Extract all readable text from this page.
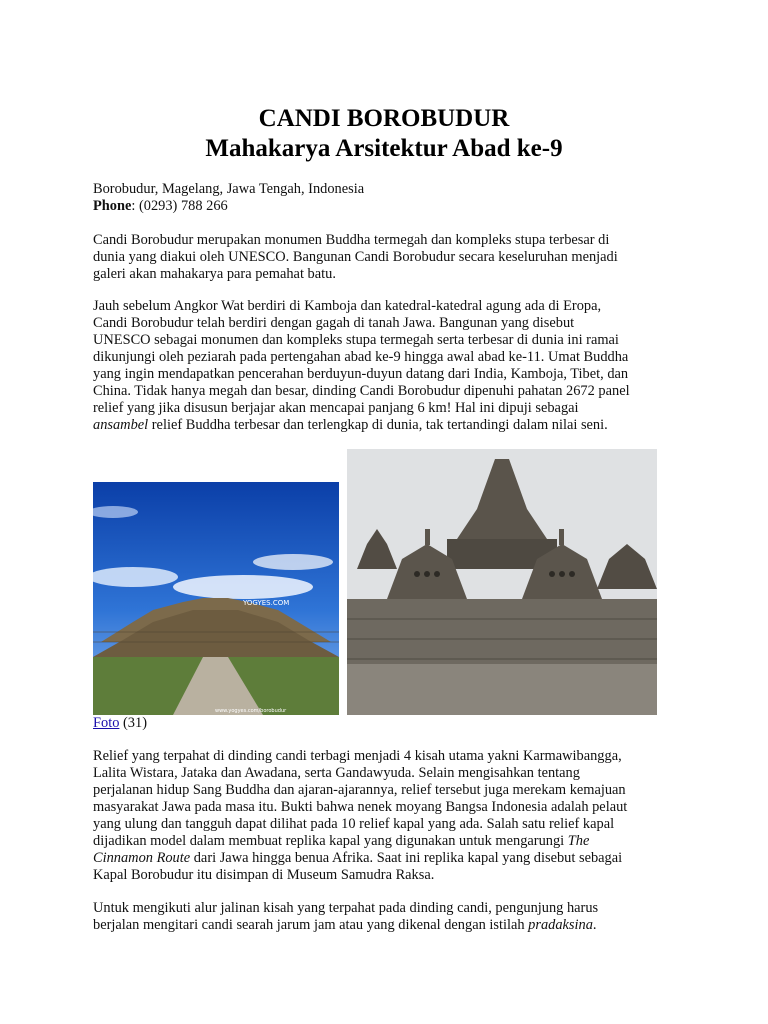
CANDI BOROBUDUR
Mahakarya Arsitektur Abad ke-9
Borobudur, Magelang, Jawa Tengah, Indonesia
Phone: (0293) 788 266
Candi Borobudur merupakan monumen Buddha termegah dan kompleks stupa terbesar di
dunia yang diakui oleh UNESCO. Bangunan Candi Borobudur secara keseluruhan menjadi
galeri akan mahakarya para pemahat batu.
Jauh sebelum Angkor Wat berdiri di Kamboja dan katedral-katedral agung ada di Eropa,
Candi Borobudur telah berdiri dengan gagah di tanah Jawa. Bangunan yang disebut
UNESCO sebagai monumen dan kompleks stupa termegah serta terbesar di dunia ini ramai
dikunjungi oleh peziarah pada pertengahan abad ke-9 hingga awal abad ke-11. Umat Buddha
yang ingin mendapatkan pencerahan berduyun-duyun datang dari India, Kamboja, Tibet, dan
China. Tidak hanya megah dan besar, dinding Candi Borobudur dipenuhi pahatan 2672 panel
relief yang jika disusun berjajar akan mencapai panjang 6 km! Hal ini dipuji sebagai
ansambel relief Buddha terbesar dan terlengkap di dunia, tak tertandingi dalam nilai seni.
YOGYES.COM
www.yogyes.com/borobudur
Foto (31)
Relief yang terpahat di dinding candi terbagi menjadi 4 kisah utama yakni Karmawibangga,
Lalita Wistara, Jataka dan Awadana, serta Gandawyuda. Selain mengisahkan tentang
perjalanan hidup Sang Buddha dan ajaran-ajarannya, relief tersebut juga merekam kemajuan
masyarakat Jawa pada masa itu. Bukti bahwa nenek moyang Bangsa Indonesia adalah pelaut
yang ulung dan tangguh dapat dilihat pada 10 relief kapal yang ada. Salah satu relief kapal
dijadikan model dalam membuat replika kapal yang digunakan untuk mengarungi The
Cinnamon Route dari Jawa hingga benua Afrika. Saat ini replika kapal yang disebut sebagai
Kapal Borobudur itu disimpan di Museum Samudra Raksa.
Untuk mengikuti alur jalinan kisah yang terpahat pada dinding candi, pengunjung harus
berjalan mengitari candi searah jarum jam atau yang dikenal dengan istilah pradaksina.
